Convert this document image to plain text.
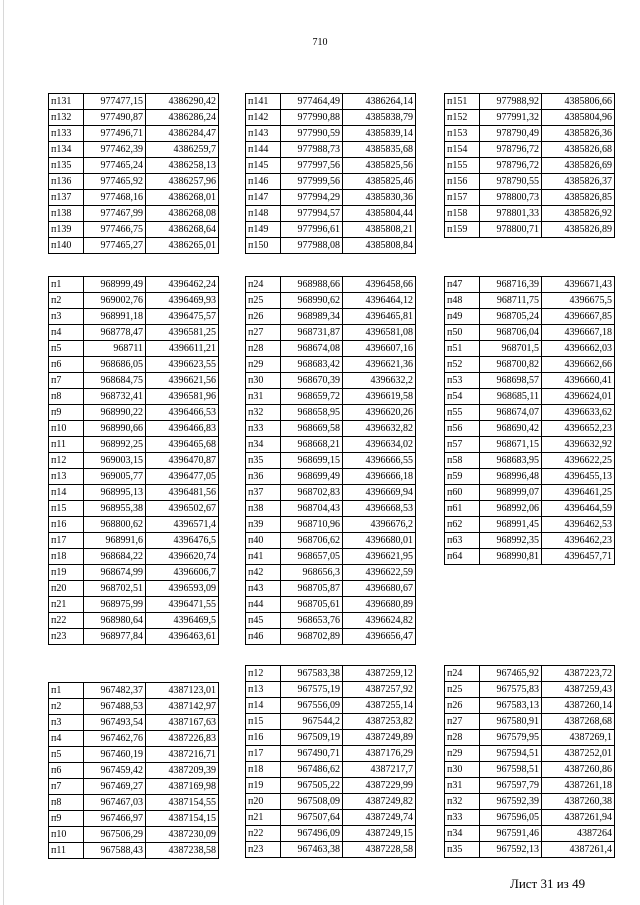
710
п131	977477,15	4386290,42
п132	977490,87	4386286,24
п133	977496,71	4386284,47
п134	977462,39	4386259,7
п135	977465,24	4386258,13
п136	977465,92	4386257,96
п137	977468,16	4386268,01
п138	977467,99	4386268,08
п139	977466,75	4386268,64
п140	977465,27	4386265,01
п141	977464,49	4386264,14
п142	977990,88	4385838,79
п143	977990,59	4385839,14
п144	977988,73	4385835,68
п145	977997,56	4385825,56
п146	977999,56	4385825,46
п147	977994,29	4385830,36
п148	977994,57	4385804,44
п149	977996,61	4385808,21
п150	977988,08	4385808,84
п151	977988,92	4385806,66
п152	977991,32	4385804,96
п153	978790,49	4385826,36
п154	978796,72	4385826,68
п155	978796,72	4385826,69
п156	978790,55	4385826,37
п157	978800,73	4385826,85
п158	978801,33	4385826,92
п159	978800,71	4385826,89
п1	968999,49	4396462,24
п2	969002,76	4396469,93
п3	968991,18	4396475,57
п4	968778,47	4396581,25
п5	968711	4396611,21
п6	968686,05	4396623,55
п7	968684,75	4396621,56
п8	968732,41	4396581,96
п9	968990,22	4396466,53
п10	968990,66	4396466,83
п11	968992,25	4396465,68
п12	969003,15	4396470,87
п13	969005,77	4396477,05
п14	968995,13	4396481,56
п15	968955,38	4396502,67
п16	968800,62	4396571,4
п17	968991,6	4396476,5
п18	968684,22	4396620,74
п19	968674,99	4396606,7
п20	968702,51	4396593,09
п21	968975,99	4396471,55
п22	968980,64	4396469,5
п23	968977,84	4396463,61
п24	968988,66	4396458,66
п25	968990,62	4396464,12
п26	968989,34	4396465,81
п27	968731,87	4396581,08
п28	968674,08	4396607,16
п29	968683,42	4396621,36
п30	968670,39	4396632,2
п31	968659,72	4396619,58
п32	968658,95	4396620,26
п33	968669,58	4396632,82
п34	968668,21	4396634,02
п35	968699,15	4396666,55
п36	968699,49	4396666,18
п37	968702,83	4396669,94
п38	968704,43	4396668,53
п39	968710,96	4396676,2
п40	968706,62	4396680,01
п41	968657,05	4396621,95
п42	968656,3	4396622,59
п43	968705,87	4396680,67
п44	968705,61	4396680,89
п45	968653,76	4396624,82
п46	968702,89	4396656,47
п47	968716,39	4396671,43
п48	968711,75	4396675,5
п49	968705,24	4396667,85
п50	968706,04	4396667,18
п51	968701,5	4396662,03
п52	968700,82	4396662,66
п53	968698,57	4396660,41
п54	968685,11	4396624,01
п55	968674,07	4396633,62
п56	968690,42	4396652,23
п57	968671,15	4396632,92
п58	968683,95	4396622,25
п59	968996,48	4396455,13
п60	968999,07	4396461,25
п61	968992,06	4396464,59
п62	968991,45	4396462,53
п63	968992,35	4396462,23
п64	968990,81	4396457,71
п1	967482,37	4387123,01
п2	967488,53	4387142,97
п3	967493,54	4387167,63
п4	967462,76	4387226,83
п5	967460,19	4387216,71
п6	967459,42	4387209,39
п7	967469,27	4387169,98
п8	967467,03	4387154,55
п9	967466,97	4387154,15
п10	967506,29	4387230,09
п11	967588,43	4387238,58
п12	967583,38	4387259,12
п13	967575,19	4387257,92
п14	967556,09	4387255,14
п15	967544,2	4387253,82
п16	967509,19	4387249,89
п17	967490,71	4387176,29
п18	967486,62	4387217,7
п19	967505,22	4387229,99
п20	967508,09	4387249,82
п21	967507,64	4387249,74
п22	967496,09	4387249,15
п23	967463,38	4387228,58
п24	967465,92	4387223,72
п25	967575,83	4387259,43
п26	967583,13	4387260,14
п27	967580,91	4387268,68
п28	967579,95	4387269,1
п29	967594,51	4387252,01
п30	967598,51	4387260,86
п31	967597,79	4387261,18
п32	967592,39	4387260,38
п33	967596,05	4387261,94
п34	967591,46	4387264
п35	967592,13	4387261,4
Лист 31 из 49
